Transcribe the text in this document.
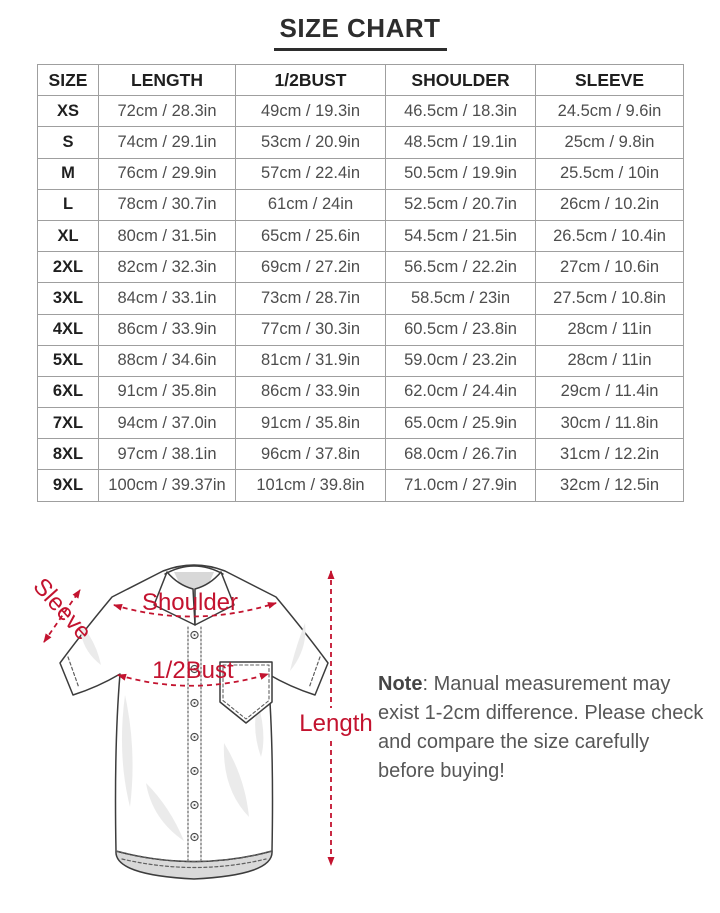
SIZE CHART
SIZE	LENGTH	1/2BUST	SHOULDER	SLEEVE
XS	72cm / 28.3in	49cm / 19.3in	46.5cm / 18.3in	24.5cm / 9.6in
S	74cm / 29.1in	53cm / 20.9in	48.5cm / 19.1in	25cm / 9.8in
M	76cm / 29.9in	57cm / 22.4in	50.5cm / 19.9in	25.5cm / 10in
L	78cm / 30.7in	61cm / 24in	52.5cm / 20.7in	26cm / 10.2in
XL	80cm / 31.5in	65cm / 25.6in	54.5cm / 21.5in	26.5cm / 10.4in
2XL	82cm / 32.3in	69cm / 27.2in	56.5cm / 22.2in	27cm / 10.6in
3XL	84cm / 33.1in	73cm / 28.7in	58.5cm / 23in	27.5cm / 10.8in
4XL	86cm / 33.9in	77cm / 30.3in	60.5cm / 23.8in	28cm / 11in
5XL	88cm / 34.6in	81cm / 31.9in	59.0cm / 23.2in	28cm / 11in
6XL	91cm / 35.8in	86cm / 33.9in	62.0cm / 24.4in	29cm / 11.4in
7XL	94cm / 37.0in	91cm / 35.8in	65.0cm / 25.9in	30cm / 11.8in
8XL	97cm / 38.1in	96cm / 37.8in	68.0cm / 26.7in	31cm / 12.2in
9XL	100cm / 39.37in	101cm / 39.8in	71.0cm / 27.9in	32cm / 12.5in
Shoulder
1/2Bust
Sleeve
Length

Note: Manual measurement may exist 1-2cm difference. Please check and compare the size carefully before buying!
